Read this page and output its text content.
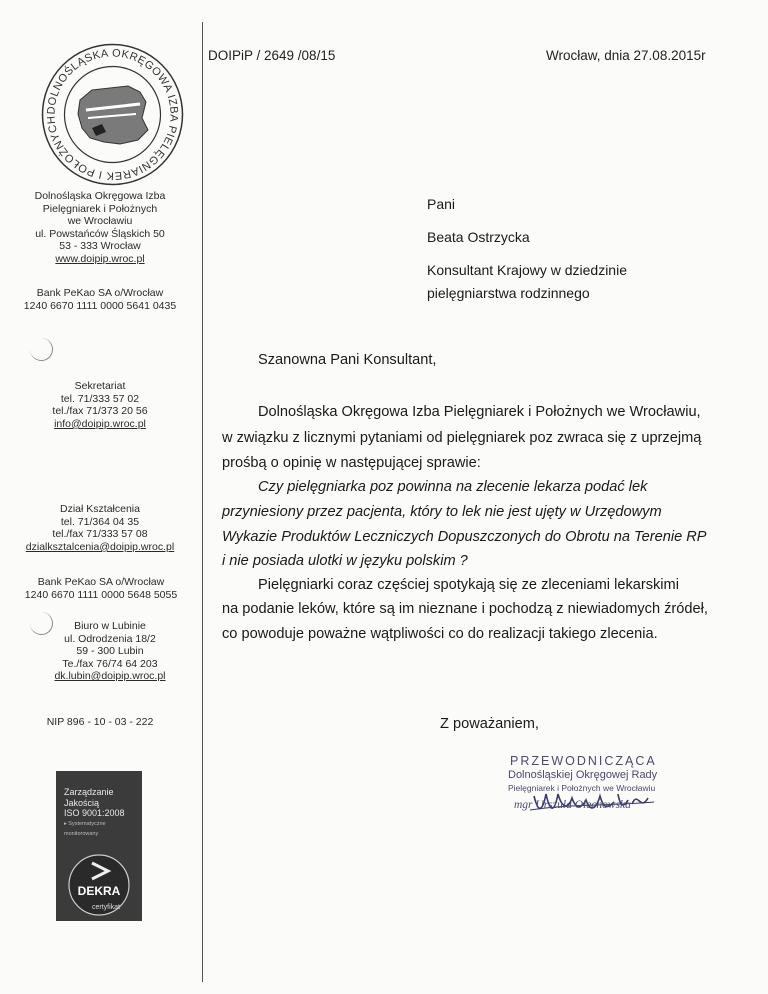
DOLNOŚLĄSKA OKRĘGOWA IZBA PIELĘGNIAREK I POŁOŻNYCH
Dolnośląska Okręgowa Izba
Pielęgniarek i Położnych
we Wrocławiu
ul. Powstańców Śląskich 50
53 - 333 Wrocław
www.doipip.wroc.pl
Bank PeKao SA o/Wrocław
1240 6670 1111 0000 5641 0435
Sekretariat
tel. 71/333 57 02
tel./fax 71/373 20 56
info@doipip.wroc.pl
Dział Kształcenia
tel. 71/364 04 35
tel./fax 71/333 57 08
dzialksztalcenia@doipip.wroc.pl
Bank PeKao SA o/Wrocław
1240 6670 1111 0000 5648 5055
Biuro w Lubinie
ul. Odrodzenia 18/2
59 - 300 Lubin
Te./fax 76/74 64 203
dk.lubin@doipip.wroc.pl
NIP 896 - 10 - 03 - 222
Zarządzanie
Jakością
ISO 9001:2008
▸ Systematyczne
monitorowany
DEKRA
certyfikat
DOIPiP / 2649 /08/15	Wrocław, dnia 27.08.2015r
Pani
Beata Ostrzycka
Konsultant Krajowy w dziedzinie
pielęgniarstwa rodzinnego
Szanowna Pani Konsultant,
Dolnośląska Okręgowa Izba Pielęgniarek i Położnych we Wrocławiu,
w związku z licznymi pytaniami od pielęgniarek poz zwraca się z uprzejmą
prośbą o opinię w następującej sprawie:
Czy pielęgniarka poz powinna na zlecenie lekarza podać lek
przyniesiony przez pacjenta, który to lek nie jest ujęty w Urzędowym
Wykazie Produktów Leczniczych Dopuszczonych do Obrotu na Terenie RP
i nie posiada ulotki w języku polskim ?
Pielęgniarki coraz częściej spotykają się ze zleceniami lekarskimi
na podanie leków, które są im nieznane i pochodzą z niewiadomych źródeł,
co powoduje poważne wątpliwości co do realizacji takiego zlecenia.
Z poważaniem,
PRZEWODNICZĄCA
Dolnośląskiej Okręgowej Rady
Pielęgniarek i Położnych we Wrocławiu
mgr Urszula Olechowska
